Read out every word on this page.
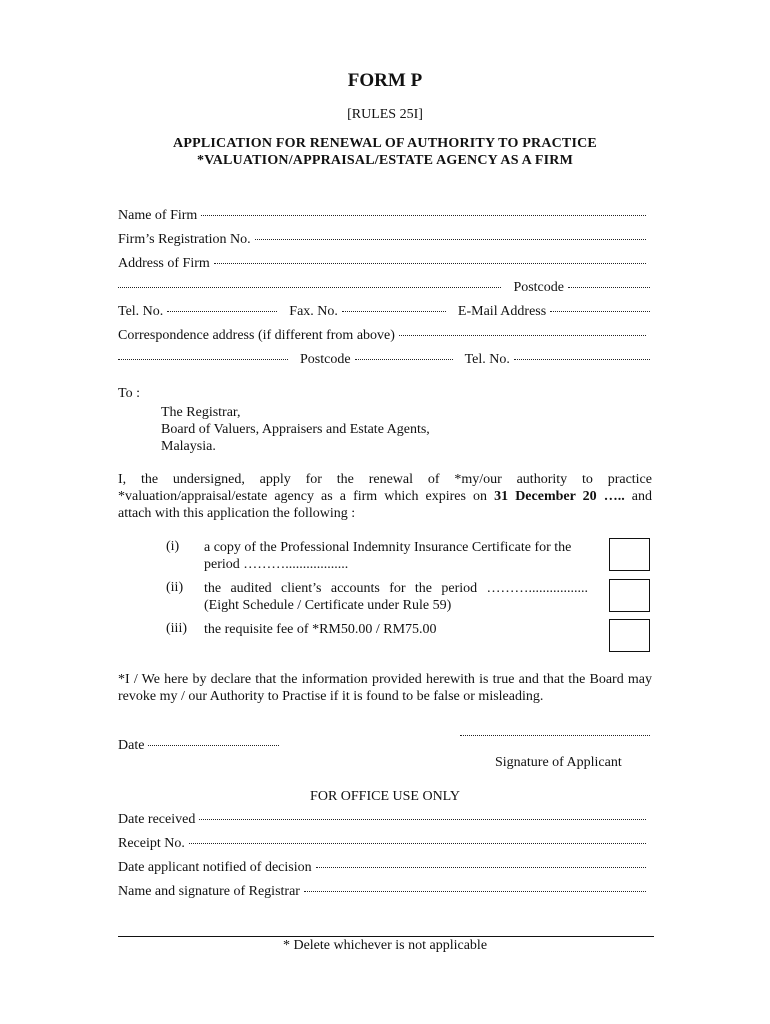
FORM P
[RULES 25I]
APPLICATION FOR RENEWAL OF AUTHORITY TO PRACTICE
*VALUATION/APPRAISAL/ESTATE AGENCY AS A FIRM
Name of Firm
Firm’s Registration No.
Address of Firm
Postcode
Tel. No.	Fax. No.	E-Mail Address
Correspondence address (if different from above)
Postcode	Tel. No.
To :
The Registrar,
Board of Valuers, Appraisers and Estate Agents,
Malaysia.
I, the undersigned, apply for the renewal of *my/our authority to practice
*valuation/appraisal/estate agency as a firm which expires on 31 December 20 ….. and
attach with this application the following :
(i) a copy of the Professional Indemnity Insurance Certificate for the
period ………..................
(ii) the audited client’s accounts for the period ……….................
(Eight Schedule / Certificate under Rule 59)
(iii) the requisite fee of *RM50.00 / RM75.00
*I / We here by declare that the information provided herewith is true and that the Board may
revoke my / our Authority to Practise if it is found to be false or misleading.
Date
Signature of Applicant
FOR OFFICE USE ONLY
Date received
Receipt No.
Date applicant notified of decision
Name and signature of Registrar
* Delete whichever is not applicable
